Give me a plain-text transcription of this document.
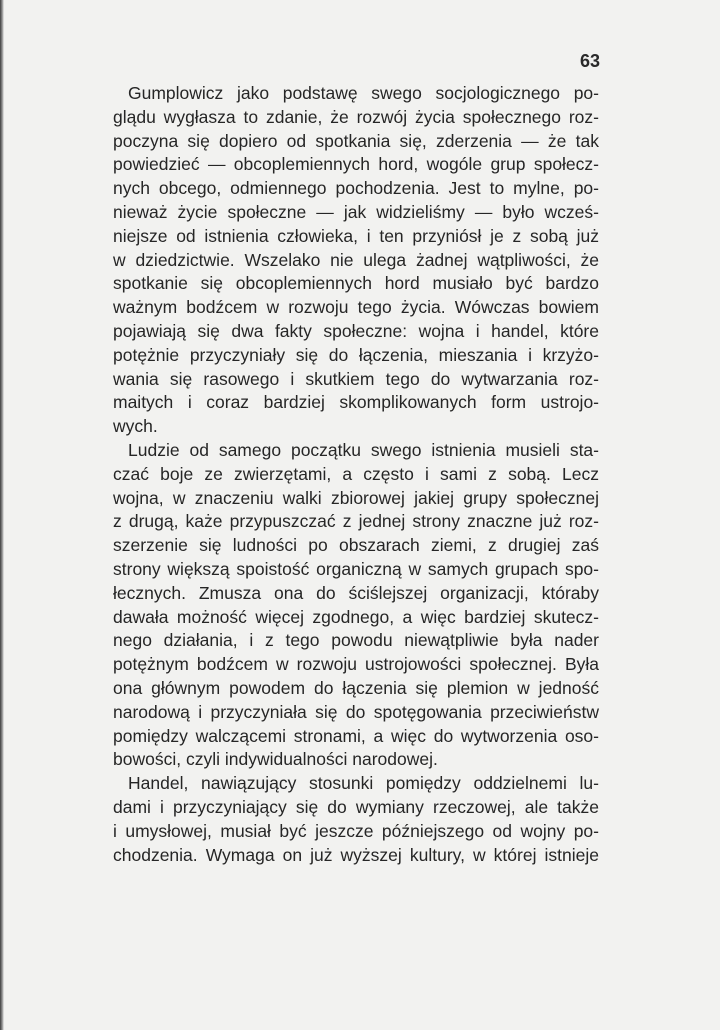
63

Gumplowicz jako podstawę swego socjologicznego po-
glądu wygłasza to zdanie, że rozwój życia społecznego roz-
poczyna się dopiero od spotkania się, zderzenia — że tak
powiedzieć — obcoplemiennych hord, wogóle grup społecz-
nych obcego, odmiennego pochodzenia. Jest to mylne, po-
nieważ życie społeczne — jak widzieliśmy — było wcześ-
niejsze od istnienia człowieka, i ten przyniósł je z sobą już
w dziedzictwie. Wszelako nie ulega żadnej wątpliwości, że
spotkanie się obcoplemiennych hord musiało być bardzo
ważnym bodźcem w rozwoju tego życia. Wówczas bowiem
pojawiają się dwa fakty społeczne: wojna i handel, które
potężnie przyczyniały się do łączenia, mieszania i krzyżo-
wania się rasowego i skutkiem tego do wytwarzania roz-
maitych i coraz bardziej skomplikowanych form ustrojo-
wych.

Ludzie od samego początku swego istnienia musieli sta-
czać boje ze zwierzętami, a często i sami z sobą. Lecz
wojna, w znaczeniu walki zbiorowej jakiej grupy społecznej
z drugą, każe przypuszczać z jednej strony znaczne już roz-
szerzenie się ludności po obszarach ziemi, z drugiej zaś
strony większą spoistość organiczną w samych grupach spo-
łecznych. Zmusza ona do ściślejszej organizacji, któraby
dawała możność więcej zgodnego, a więc bardziej skutecz-
nego działania, i z tego powodu niewątpliwie była nader
potężnym bodźcem w rozwoju ustrojowości społecznej. Była
ona głównym powodem do łączenia się plemion w jedność
narodową i przyczyniała się do spotęgowania przeciwieństw
pomiędzy walczącemi stronami, a więc do wytworzenia oso-
bowości, czyli indywidualności narodowej.

Handel, nawiązujący stosunki pomiędzy oddzielnemi lu-
dami i przyczyniający się do wymiany rzeczowej, ale także
i umysłowej, musiał być jeszcze późniejszego od wojny po-
chodzenia. Wymaga on już wyższej kultury, w której istnieje
